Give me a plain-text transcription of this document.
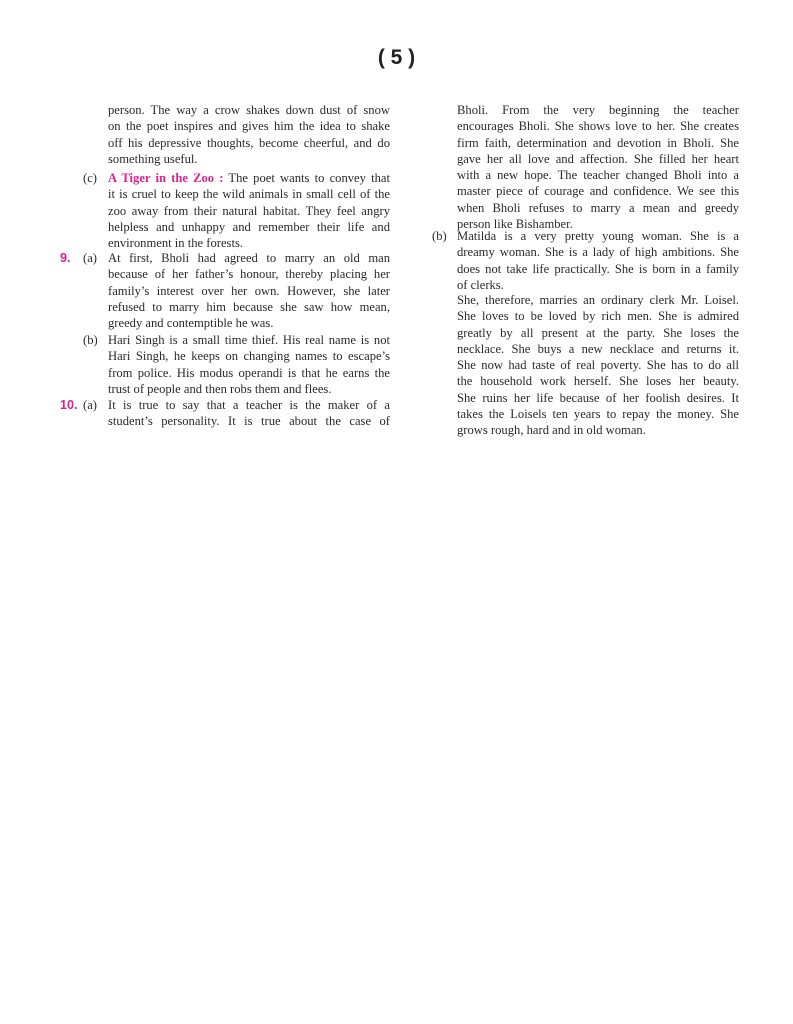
( 5 )
person. The way a crow shakes down dust of snow
on the poet inspires and gives him the idea to shake
off his depressive thoughts, become cheerful, and do
something useful.
(c) A Tiger in the Zoo : The poet wants to convey that
it is cruel to keep the wild animals in small cell of the
zoo away from their natural habitat. They feel angry
helpless and unhappy and remember their life and
environment in the forests.
9. (a) At first, Bholi had agreed to marry an old man
because of her father’s honour, thereby placing her
family’s interest over her own. However, she later
refused to marry him because she saw how mean,
greedy and contemptible he was.
(b) Hari Singh is a small time thief. His real name is not
Hari Singh, he keeps on changing names to escape’s
from police. His modus operandi is that he earns the
trust of people and then robs them and flees.
10. (a) It is true to say that a teacher is the maker of a
student’s personality. It is true about the case of
Bholi. From the very beginning the teacher
encourages Bholi. She shows love to her. She creates
firm faith, determination and devotion in Bholi. She
gave her all love and affection. She filled her heart
with a new hope. The teacher changed Bholi into a
master piece of courage and confidence. We see this
when Bholi refuses to marry a mean and greedy
person like Bishamber.
(b) Matilda is a very pretty young woman. She is a
dreamy woman. She is a lady of high ambitions. She
does not take life practically. She is born in a family
of clerks.
She, therefore, marries an ordinary clerk Mr. Loisel.
She loves to be loved by rich men. She is admired
greatly by all present at the party. She loses the
necklace. She buys a new necklace and returns it.
She now had taste of real poverty. She has to do all
the household work herself. She loses her beauty.
She ruins her life because of her foolish desires. It
takes the Loisels ten years to repay the money. She
grows rough, hard and in old woman.
